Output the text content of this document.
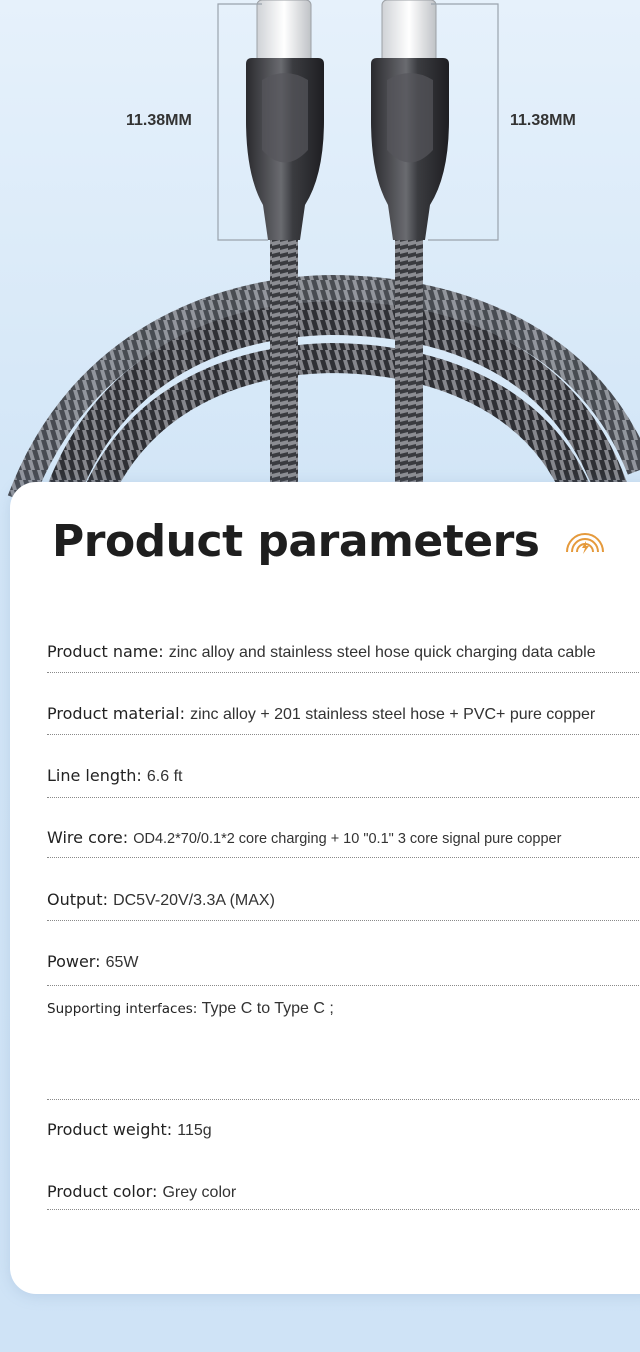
11.38MM	11.38MM
Product parameters
Product name: zinc alloy and stainless steel hose quick charging data cable
Product material: zinc alloy + 201 stainless steel hose + PVC+ pure copper
Line length: 6.6 ft
Wire core: OD4.2*70/0.1*2 core charging + 10 "0.1" 3 core signal pure copper
Output: DC5V-20V/3.3A (MAX)
Power: 65W
Supporting interfaces: Type C to Type C ;
Product weight: 115g
Product color: Grey color
